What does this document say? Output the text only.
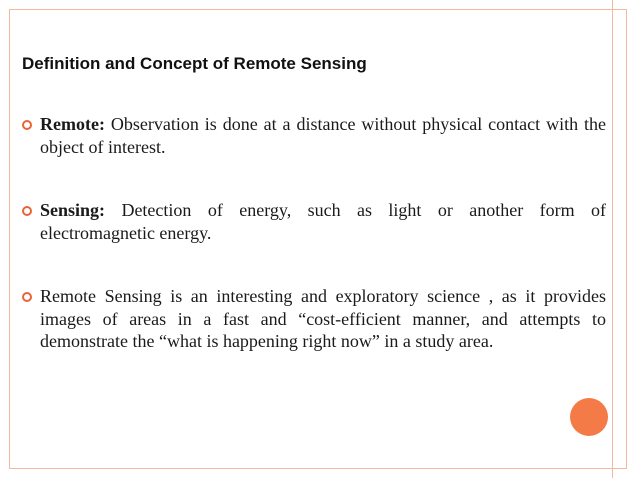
Definition and Concept of Remote Sensing
Remote: Observation is done at a distance without physical contact with the object of interest.
Sensing: Detection of energy, such as light or another form of electromagnetic energy.
Remote Sensing is an interesting and exploratory science , as it provides images of areas in a fast and “cost-efficient manner, and attempts to demonstrate the “what is happening right now” in a study area.
